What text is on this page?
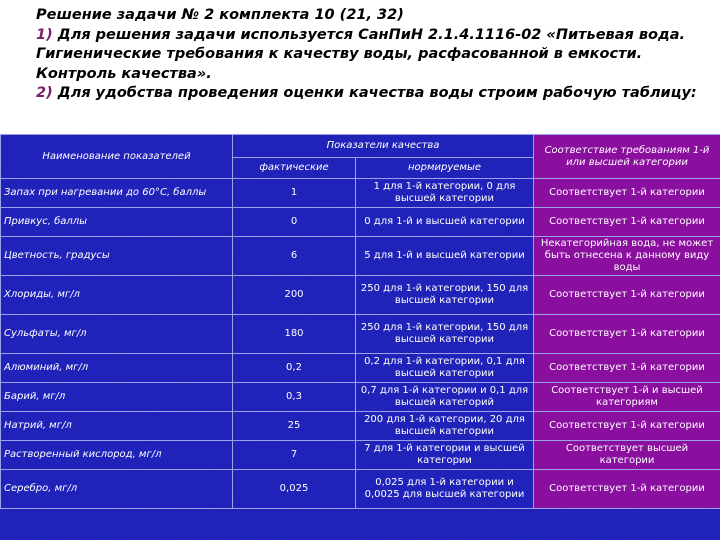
Решение задачи № 2 комплекта 10 (21, 32)

1) Для решения задачи используется СанПиН 2.1.4.1116-02 «Питьевая вода. Гигиенические требования к качеству воды, расфасованной в емкости. Контроль качества».

2) Для удобства проведения оценки качества воды строим рабочую таблицу:

Наименование показателей	Показатели качества		Соответствие требованиям 1-й или высшей категории
	фактические	нормируемые	
Запах при нагревании до 60°С, баллы	1	1 для 1-й категории, 0 для высшей категории	Соответствует 1-й категории
Привкус, баллы	0	0 для 1-й и высшей категории	Соответствует 1-й категории
Цветность, градусы	6	5 для 1-й и высшей категории	Некатегорийная вода, не может быть отнесена к данному виду воды
Хлориды, мг/л	200	250 для 1-й категории, 150 для высшей категории	Соответствует 1-й категории
Сульфаты, мг/л	180	250 для 1-й категории, 150 для высшей категории	Соответствует 1-й категории
Алюминий, мг/л	0,2	0,2 для 1-й категории, 0,1 для высшей категории	Соответствует 1-й категории
Барий, мг/л	0,3	0,7 для 1-й категории и 0,1 для высшей категорий	Соответствует 1-й и высшей категориям
Натрий, мг/л	25	200 для 1-й категории, 20 для высшей категории	Соответствует 1-й категории
Растворенный кислород, мг/л	7	7 для 1-й категории и высшей категории	Соответствует высшей категории
Серебро, мг/л	0,025	0,025 для 1-й категории и 0,0025 для высшей категории	Соответствует 1-й категории
